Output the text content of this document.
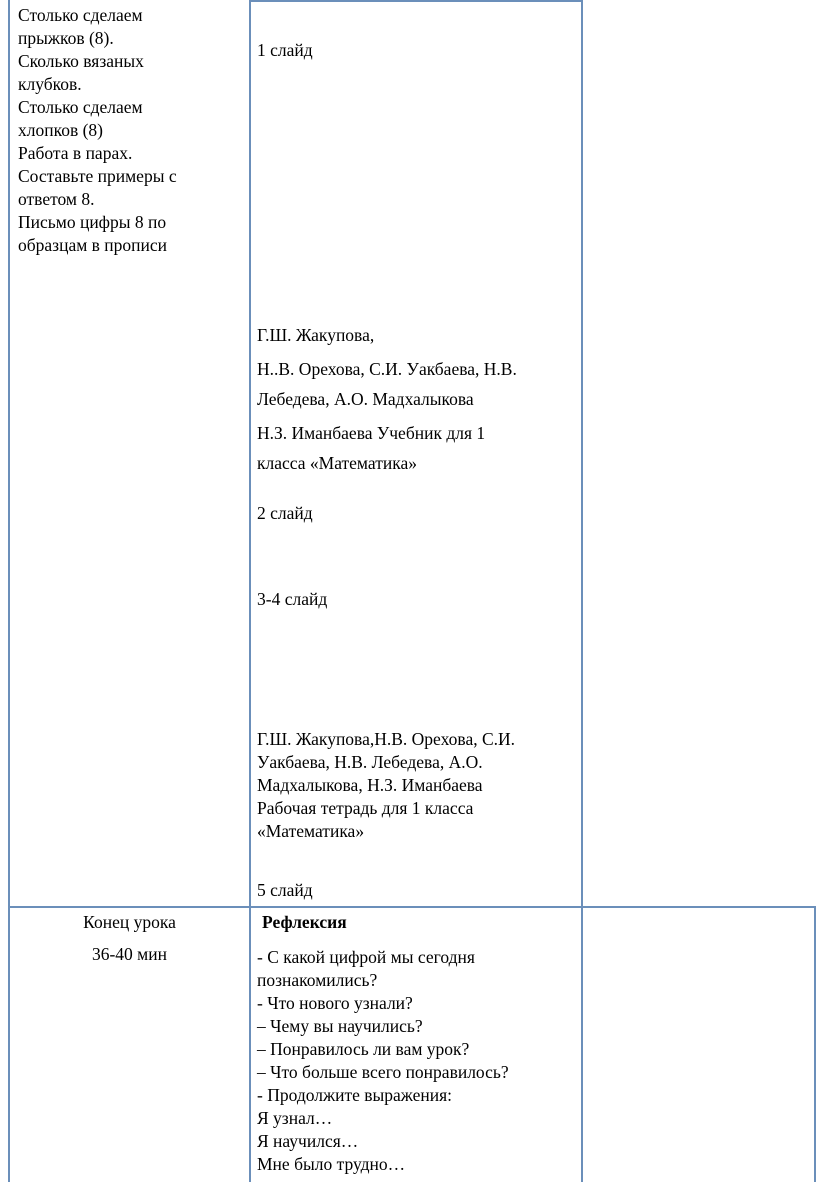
Столько сделаем

прыжков (8).

Сколько вязаных

клубков.

Столько сделаем

хлопков (8)

Работа в парах.

Составьте примеры с

ответом 8.

Письмо цифры 8 по

образцам в прописи

1 слайд

Г.Ш. Жакупова,

Н..В. Орехова, С.И. Уакбаева, Н.В.

Лебедева, А.О. Мадхалыкова

Н.З. Иманбаева Учебник для 1

класса «Математика»

2 слайд
3-4 слайд

Г.Ш. Жакупова,Н.В. Орехова, С.И.

Уакбаева, Н.В. Лебедева, А.О.

Мадхалыкова, Н.З. Иманбаева

Рабочая тетрадь для 1 класса

«Математика»

5 слайд
Конец урока
36-40 мин
Рефлексия

- С какой цифрой мы сегодня

познакомились?

- Что нового узнали?

– Чему вы научились?

– Понравилось ли вам урок?

– Что больше всего понравилось?

- Продолжите выражения:

Я узнал…

Я научился…

Мне было трудно…
